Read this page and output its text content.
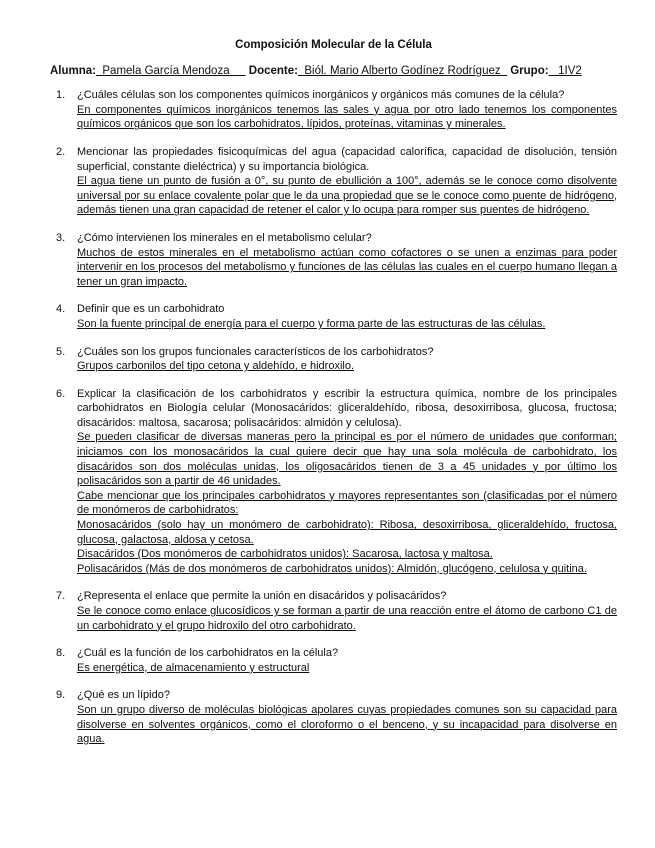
Composición Molecular de la Célula
Alumna:  Pamela García Mendoza      Docente:  Biól. Mario Alberto Godínez Rodríguez   Grupo:   1IV2
1. ¿Cuáles células son los componentes químicos inorgánicos y orgánicos más comunes de la célula?
En componentes químicos inorgánicos tenemos las sales y agua por otro lado tenemos los componentes químicos orgánicos que son los carbohidratos, lípidos, proteínas, vitaminas y minerales.
2. Mencionar las propiedades fisicoquímicas del agua (capacidad calorífica, capacidad de disolución, tensión superficial, constante dieléctrica) y su importancia biológica.
El agua tiene un punto de fusión a 0°, su punto de ebullición a 100°, además se le conoce como disolvente universal por su enlace covalente polar que le da una propiedad que se le conoce como puente de hidrógeno, además tienen una gran capacidad de retener el calor y lo ocupa para romper sus puentes de hidrógeno.
3. ¿Cómo intervienen los minerales en el metabolismo celular?
Muchos de estos minerales en el metabolismo actúan como cofactores o se unen a enzimas para poder intervenir en los procesos del metabolismo y funciones de las células las cuales en el cuerpo humano llegan a tener un gran impacto.
4. Definir que es un carbohidrato
Son la fuente principal de energía para el cuerpo y forma parte de las estructuras de las células.
5. ¿Cuáles son los grupos funcionales característicos de los carbohidratos?
Grupos carbonilos del tipo cetona y aldehído, e hidroxilo.
6. Explicar la clasificación de los carbohidratos y escribir la estructura química, nombre de los principales carbohidratos en Biología celular (Monosacáridos: gliceraldehído, ribosa, desoxirribosa, glucosa, fructosa; disacáridos: maltosa, sacarosa; polisacáridos: almidón y celulosa).
Se pueden clasificar de diversas maneras pero la principal es por el número de unidades que conforman; iniciamos con los monosacáridos la cual quiere decir que hay una sola molécula de carbohidrato, los disacáridos son dos moléculas unidas, los oligosacáridos tienen de 3 a 45 unidades y por último los polisacáridos son a partir de 46 unidades.
Cabe mencionar que los principales carbohidratos y mayores representantes son (clasificadas por el número de monómeros de carbohidratos:
Monosacáridos (solo hay un monómero de carbohidrato): Ribosa, desoxirribosa, gliceraldehído, fructosa, glucosa, galactosa, aldosa y cetosa.
Disacáridos (Dos monómeros de carbohidratos unidos): Sacarosa, lactosa y maltosa.
Polisacáridos (Más de dos monómeros de carbohidratos unidos): Almidón, glucógeno, celulosa y quitina.
7. ¿Representa el enlace que permite la unión en disacáridos y polisacáridos?
Se le conoce como enlace glucosídicos y se forman a partir de una reacción entre el átomo de carbono C1 de un carbohidrato y el grupo hidroxilo del otro carbohidrato.
8. ¿Cuál es la función de los carbohidratos en la célula?
Es energética, de almacenamiento y estructural
9. ¿Qué es un lípido?
Son un grupo diverso de moléculas biológicas apolares cuyas propiedades comunes son su capacidad para disolverse en solventes orgánicos, como el cloroformo o el benceno, y su incapacidad para disolverse en agua.
